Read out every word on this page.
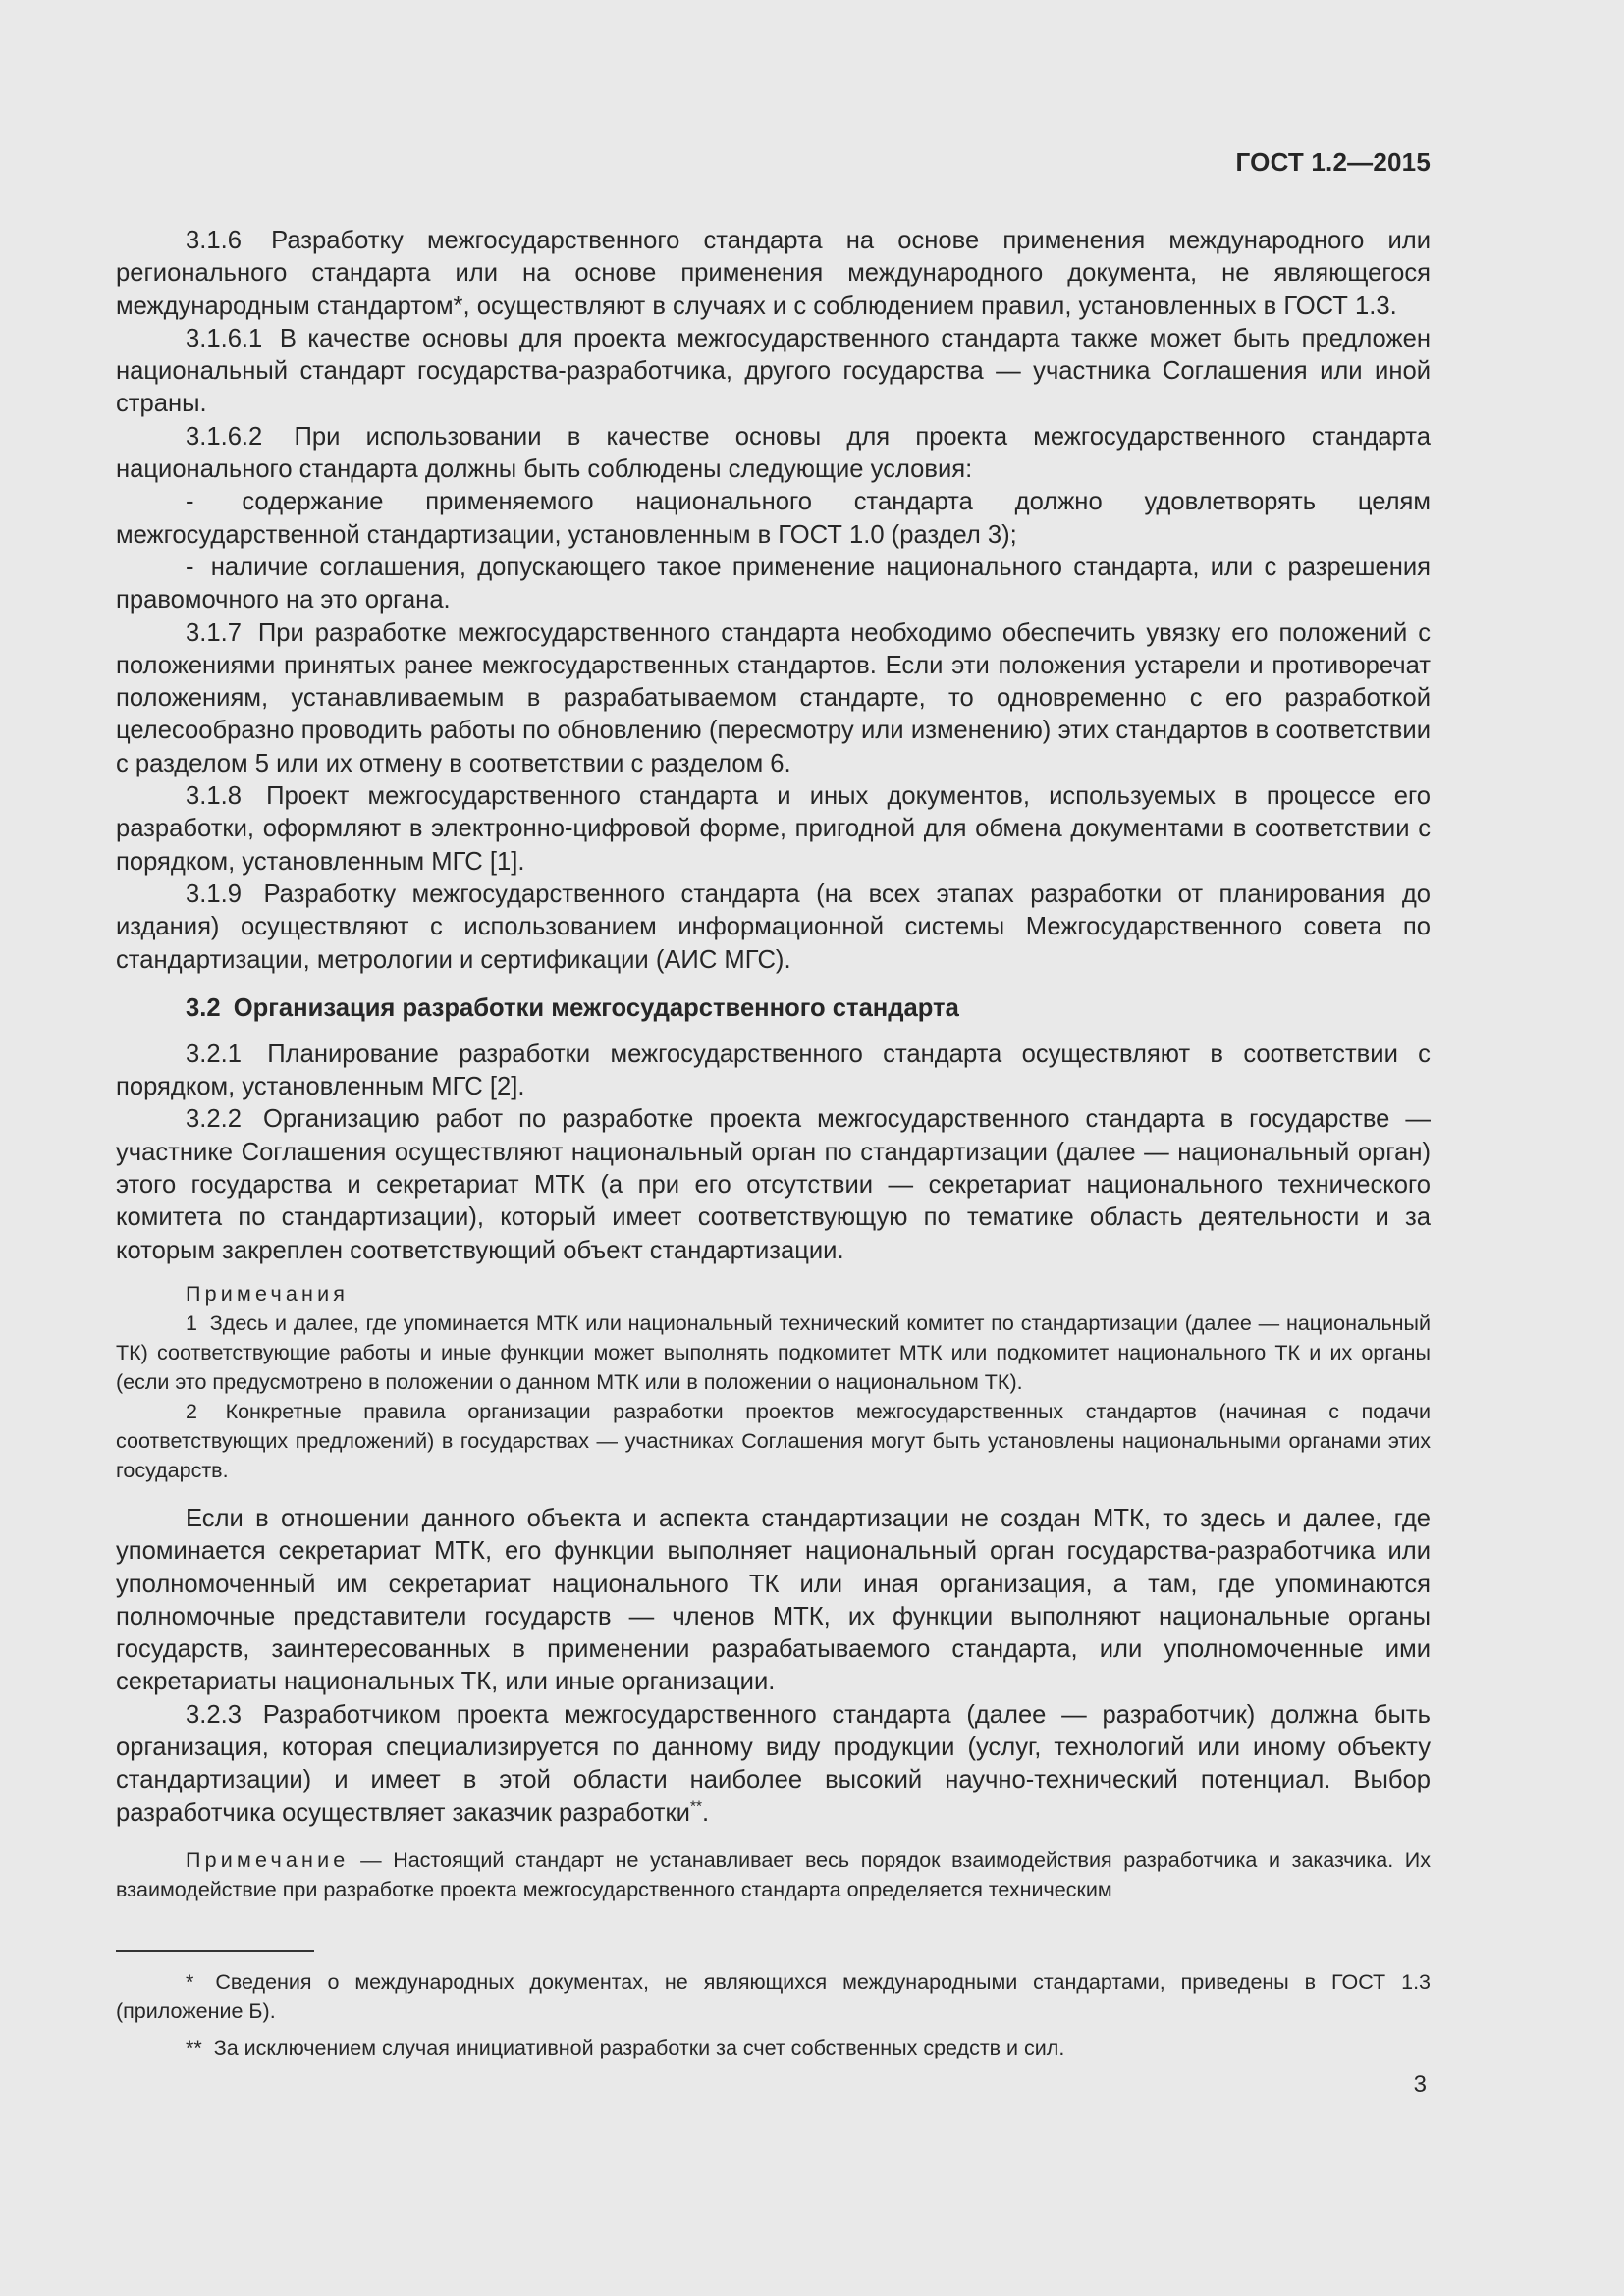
ГОСТ 1.2—2015

3.1.6 Разработку межгосударственного стандарта на основе применения международного или регионального стандарта или на основе применения международного документа, не являющегося международным стандартом*, осуществляют в случаях и с соблюдением правил, установленных в ГОСТ 1.3.

3.1.6.1 В качестве основы для проекта межгосударственного стандарта также может быть предложен национальный стандарт государства-разработчика, другого государства — участника Соглашения или иной страны.

3.1.6.2 При использовании в качестве основы для проекта межгосударственного стандарта национального стандарта должны быть соблюдены следующие условия:

- содержание применяемого национального стандарта должно удовлетворять целям межгосударственной стандартизации, установленным в ГОСТ 1.0 (раздел 3);

- наличие соглашения, допускающего такое применение национального стандарта, или с разрешения правомочного на это органа.

3.1.7 При разработке межгосударственного стандарта необходимо обеспечить увязку его положений с положениями принятых ранее межгосударственных стандартов. Если эти положения устарели и противоречат положениям, устанавливаемым в разрабатываемом стандарте, то одновременно с его разработкой целесообразно проводить работы по обновлению (пересмотру или изменению) этих стандартов в соответствии с разделом 5 или их отмену в соответствии с разделом 6.

3.1.8 Проект межгосударственного стандарта и иных документов, используемых в процессе его разработки, оформляют в электронно-цифровой форме, пригодной для обмена документами в соответствии с порядком, установленным МГС [1].

3.1.9 Разработку межгосударственного стандарта (на всех этапах разработки от планирования до издания) осуществляют с использованием информационной системы Межгосударственного совета по стандартизации, метрологии и сертификации (АИС МГС).

3.2 Организация разработки межгосударственного стандарта

3.2.1 Планирование разработки межгосударственного стандарта осуществляют в соответствии с порядком, установленным МГС [2].

3.2.2 Организацию работ по разработке проекта межгосударственного стандарта в государстве — участнике Соглашения осуществляют национальный орган по стандартизации (далее — национальный орган) этого государства и секретариат МТК (а при его отсутствии — секретариат национального технического комитета по стандартизации), который имеет соответствующую по тематике область деятельности и за которым закреплен соответствующий объект стандартизации.

Примечания

1 Здесь и далее, где упоминается МТК или национальный технический комитет по стандартизации (далее — национальный ТК) соответствующие работы и иные функции может выполнять подкомитет МТК или подкомитет национального ТК и их органы (если это предусмотрено в положении о данном МТК или в положении о национальном ТК).

2 Конкретные правила организации разработки проектов межгосударственных стандартов (начиная с подачи соответствующих предложений) в государствах — участниках Соглашения могут быть установлены национальными органами этих государств.

Если в отношении данного объекта и аспекта стандартизации не создан МТК, то здесь и далее, где упоминается секретариат МТК, его функции выполняет национальный орган государства-разработчика или уполномоченный им секретариат национального ТК или иная организация, а там, где упоминаются полномочные представители государств — членов МТК, их функции выполняют национальные органы государств, заинтересованных в применении разрабатываемого стандарта, или уполномоченные ими секретариаты национальных ТК, или иные организации.

3.2.3 Разработчиком проекта межгосударственного стандарта (далее — разработчик) должна быть организация, которая специализируется по данному виду продукции (услуг, технологий или иному объекту стандартизации) и имеет в этой области наиболее высокий научно-технический потенциал. Выбор разработчика осуществляет заказчик разработки**.

Примечание — Настоящий стандарт не устанавливает весь порядок взаимодействия разработчика и заказчика. Их взаимодействие при разработке проекта межгосударственного стандарта определяется техническим

* Сведения о международных документах, не являющихся международными стандартами, приведены в ГОСТ 1.3 (приложение Б).

** За исключением случая инициативной разработки за счет собственных средств и сил.

3
